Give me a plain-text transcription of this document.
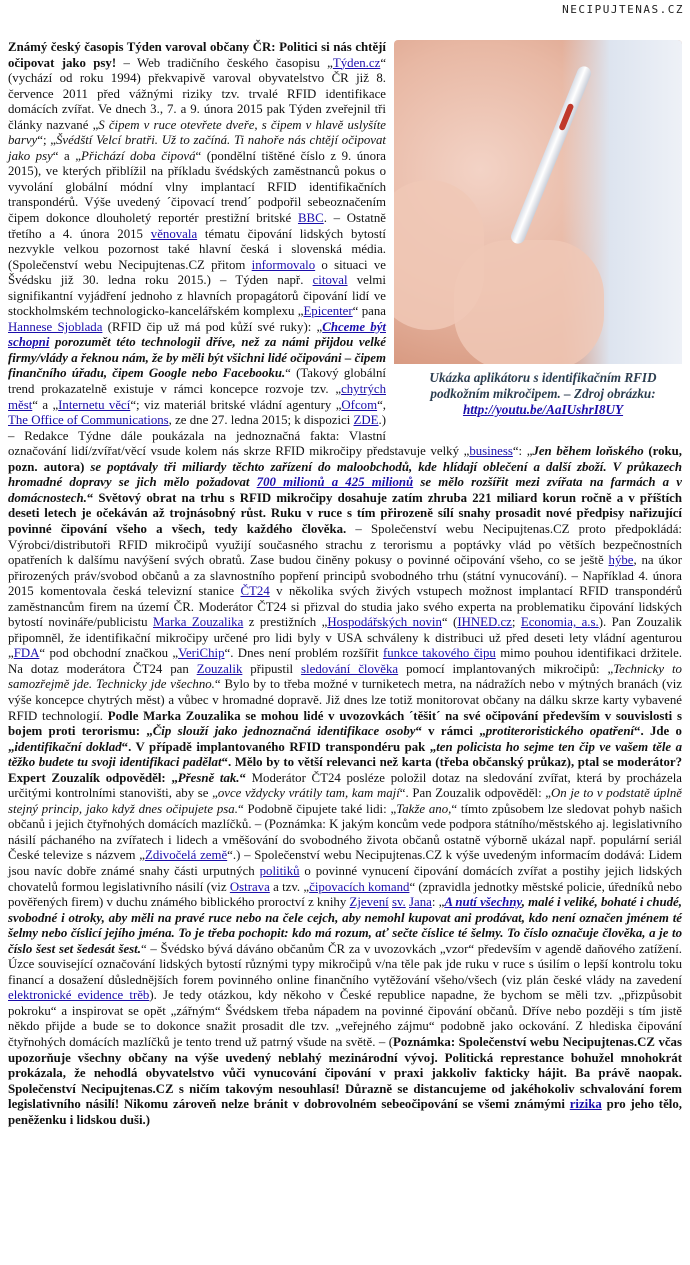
NECIPUJTENAS.CZ
Ukázka aplikátoru s identifikačním RFID
podkožním mikročipem. – Zdroj obrázku:
http://youtu.be/AaIUshrI8UY

Známý český časopis Týden varoval občany ČR: Politici si nás chtějí očipovat jako psy! – Web tradičního českého časopisu „Týden.cz“ (vychází od roku 1994) překvapivě varoval obyvatelstvo ČR již 8. července 2011 před vážnými riziky tzv. trvalé RFID identifikace domácích zvířat. Ve dnech 3., 7. a 9. února 2015 pak Týden zveřejnil tři články nazvané „S čipem v ruce otevřete dveře, s čipem v hlavě uslyšíte barvy“; „Švédští Velcí bratři. Už to začíná. Ti nahoře nás chtějí očipovat jako psy“ a „Přichází doba čipová“ (pondělní tištěné číslo z 9. února 2015), ve kterých přiblížil na příkladu švédských zaměstnanců pokus o vyvolání globální módní vlny implantací RFID identifikačních transpondérů. Výše uvedený ´čipovací trend´ podpořil sebeoznačením čipem dokonce dlouholetý reportér prestižní britské BBC. – Ostatně třetího a 4. února 2015 věnovala tématu čipování lidských bytostí nezvykle velkou pozornost také hlavní česká i slovenská média. (Společenství webu Necipujtenas.CZ přitom informovalo o situaci ve Švédsku již 30. ledna roku 2015.) – Týden např. citoval velmi signifikantní vyjádření jednoho z hlavních propagátorů čipování lidí ve stockholmském technologicko-kancelářském komplexu „Epicenter“ pana Hannese Sjoblada (RFID čip už má pod kůží své ruky): „Chceme být schopni porozumět této technologii dříve, než za námi přijdou velké firmy/vlády a řeknou nám, že by měli být všichni lidé očipováni – čipem finančního úřadu, čipem Google nebo Facebooku.“ (Takový globální trend prokazatelně existuje v rámci koncepce rozvoje tzv. „chytrých měst“ a „Internetu věcí“; viz materiál britské vládní agentury „Ofcom“, The Office of Communications, ze dne 27. ledna 2015; k dispozici ZDE.) – Redakce Týdne dále poukázala na jednoznačná fakta: Vlastní označování lidí/zvířat/věcí vsude kolem nás skrze RFID mikročipy představuje velký „business“: „Jen během loňského (roku, pozn. autora) se poptávaly tři miliardy těchto zařízení do maloobchodů, kde hlídají oblečení a další zboží. V průkazech hromadné dopravy se jich mělo požadovat 700 milionů a 425 milionů se mělo rozšířit mezi zvířata na farmách a v domácnostech.“ Světový obrat na trhu s RFID mikročipy dosahuje zatím zhruba 221 miliard korun ročně a v příštích deseti letech je očekáván až trojnásobný růst. Ruku v ruce s tím přirozeně sílí snahy prosadit nové předpisy nařizující povinné čipování všeho a všech, tedy každého člověka. – Společenství webu Necipujtenas.CZ proto předpokládá: Výrobci/distributoři RFID mikročipů využijí současného strachu z terorismu a poptávky vlád po větších bezpečnostních opatřeních k dalšímu navýšení svých obratů. Zase budou činěny pokusy o povinné očipování všeho, co se ještě hýbe, na úkor přirozených práv/svobod občanů a za slavnostního popření principů svobodného trhu (státní vynucování). – Například 4. února 2015 komentovala česká televizní stanice ČT24 v několika svých živých vstupech možnost implantací RFID transpondérů zaměstnancům firem na území ČR. Moderátor ČT24 si přizval do studia jako svého experta na problematiku čipování lidských bytostí novináře/publicistu Marka Zouzalika z prestižních „Hospodářských novin“ (IHNED.cz; Economia, a.s.). Pan Zouzalik připomněl, že identifikační mikročipy určené pro lidi byly v USA schváleny k distribuci už před deseti lety vládní agenturou „FDA“ pod obchodní značkou „VeriChip“. Dnes není problém rozšířit funkce takového čipu mimo pouhou identifikaci držitele. Na dotaz moderátora ČT24 pan Zouzalik připustil sledování člověka pomocí implantovaných mikročipů: „Technicky to samozřejmě jde. Technicky jde všechno.“ Bylo by to třeba možné v turniketech metra, na nádražích nebo v mýtných branách (viz výše koncepce chytrých měst) a vůbec v hromadné dopravě. Již dnes lze totiž monitorovat občany na dálku skrze karty vybavené RFID technologií. Podle Marka Zouzalika se mohou lidé v uvozovkách ´těšit´ na své očipování především v souvislosti s bojem proti terorismu: „Čip slouží jako jednoznačná identifikace osoby“ v rámci „protiteroristického opatření“. Jde o „identifikační doklad“. V případě implantovaného RFID transpondéru pak „ten policista ho sejme ten čip ve vašem těle a těžko budete tu svoji identifikaci padělat“. Mělo by to větší relevanci než karta (třeba občanský průkaz), ptal se moderátor? Expert Zouzalík odpověděl: „Přesně tak.“ Moderátor ČT24 posléze položil dotaz na sledování zvířat, která by procházela určitými kontrolními stanovišti, aby se „ovce vždycky vrátily tam, kam mají“. Pan Zouzalik odpověděl: „On je to v podstatě úplně stejný princip, jako když dnes očipujete psa.“ Podobně čipujete také lidi: „Takže ano,“ tímto způsobem lze sledovat pohyb našich občanů i jejich čtyřnohých domácích mazlíčků. – (Poznámka: K jakým koncům vede podpora státního/městského aj. legislativního násilí páchaného na zvířatech i lidech a vměšování do svobodného života občanů ostatně výborně ukázal např. populární seriál České televize s názvem „Zdivočelá země“.) – Společenství webu Necipujtenas.CZ k výše uvedeným informacím dodává: Lidem jsou navíc dobře známé snahy části urputných politiků o povinné vynucení čipování domácích zvířat a postihy jejich lidských chovatelů formou legislativního násilí (viz Ostrava a tzv. „čipovacích komand“ (zpravidla jednotky městské policie, úředníků nebo pověřených firem) v duchu známého biblického proroctví z knihy Zjevení sv. Jana: „A nutí všechny, malé i veliké, bohaté i chudé, svobodné i otroky, aby měli na pravé ruce nebo na čele cejch, aby nemohl kupovat ani prodávat, kdo není označen jménem té šelmy nebo číslicí jejího jména. To je třeba pochopit: kdo má rozum, ať sečte číslice té šelmy. To číslo označuje člověka, a je to číslo šest set šedesát šest.“ – Švédsko bývá dáváno občanům ČR za v uvozovkách „vzor“ především v agendě daňového zatížení. Úzce související označování lidských bytostí různými typy mikročipů v/na těle pak jde ruku v ruce s úsilím o lepší kontrolu toku financí a dosažení důslednějších forem povinného online finančního vytěžování všeho/všech (viz plán české vlády na zavedení elektronické evidence trěb). Je tedy otázkou, kdy někoho v České republice napadne, že bychom se měli tzv. „přizpůsobit pokroku“ a inspirovat se opět „zářným“ Švédskem třeba nápadem na povinné čipování občanů. Dříve nebo později s tím jistě někdo přijde a bude se to dokonce snažit prosadit dle tzv. „veřejného zájmu“ podobně jako ockování. Z hlediska čipování čtyřnohých domácích mazlíčků je tento trend už patrný všude na světě. – (Poznámka: Společenství webu Necipujtenas.CZ včas upozorňuje všechny občany na výše uvedený neblahý mezinárodní vývoj. Politická represtance bohužel mnohokrát prokázala, že nehodlá obyvatelstvo vůči vynucování čipování v praxi jakkoliv fakticky hájit. Ba právě naopak. Společenství Necipujtenas.CZ s ničím takovým nesouhlasí! Důrazně se distancujeme od jakéhokoliv schvalování forem legislativního násilí! Nikomu zároveň nelze bránit v dobrovolném sebeočipování se všemi známými rizika pro jeho tělo, peněženku i lidskou duši.)
